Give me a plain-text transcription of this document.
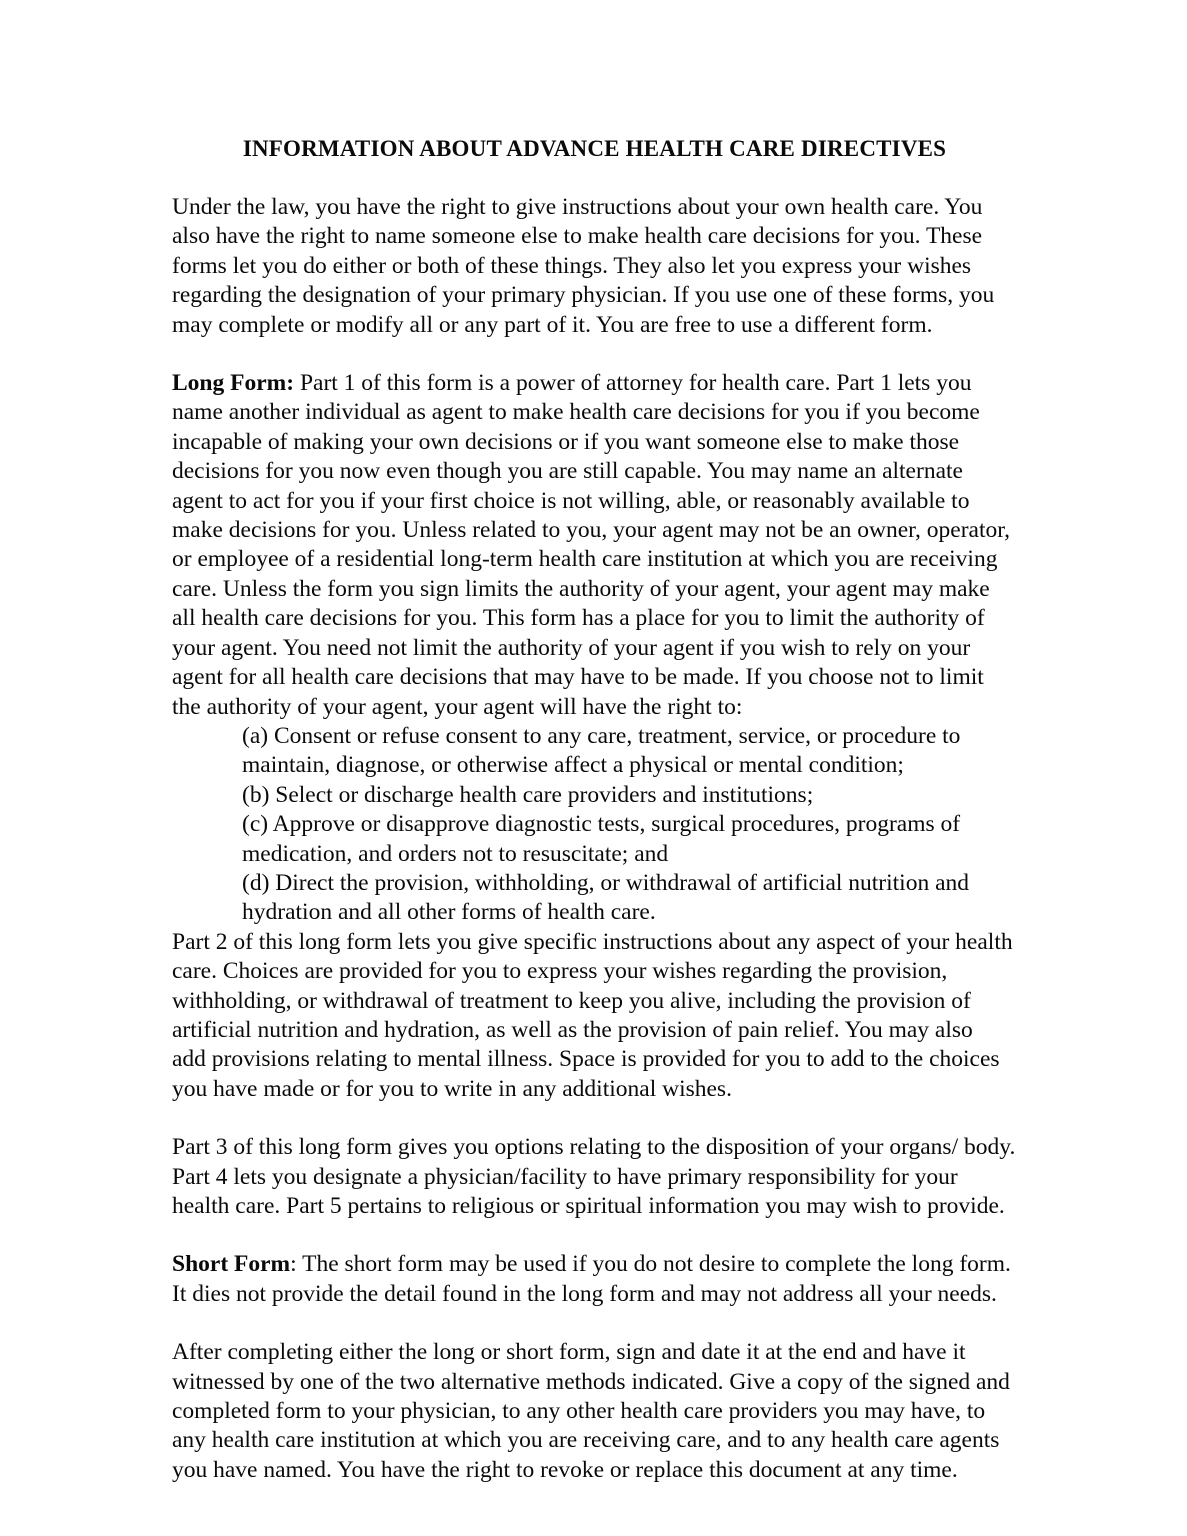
INFORMATION ABOUT ADVANCE HEALTH CARE DIRECTIVES

Under the law, you have the right to give instructions about your own health care. You
also have the right to name someone else to make health care decisions for you. These
forms let you do either or both of these things. They also let you express your wishes
regarding the designation of your primary physician. If you use one of these forms, you
may complete or modify all or any part of it. You are free to use a different form.

Long Form: Part 1 of this form is a power of attorney for health care. Part 1 lets you
name another individual as agent to make health care decisions for you if you become
incapable of making your own decisions or if you want someone else to make those
decisions for you now even though you are still capable. You may name an alternate
agent to act for you if your first choice is not willing, able, or reasonably available to
make decisions for you. Unless related to you, your agent may not be an owner, operator,
or employee of a residential long-term health care institution at which you are receiving
care. Unless the form you sign limits the authority of your agent, your agent may make
all health care decisions for you. This form has a place for you to limit the authority of
your agent. You need not limit the authority of your agent if you wish to rely on your
agent for all health care decisions that may have to be made. If you choose not to limit
the authority of your agent, your agent will have the right to:

(a) Consent or refuse consent to any care, treatment, service, or procedure to
maintain, diagnose, or otherwise affect a physical or mental condition;
(b) Select or discharge health care providers and institutions;
(c) Approve or disapprove diagnostic tests, surgical procedures, programs of
medication, and orders not to resuscitate; and
(d) Direct the provision, withholding, or withdrawal of artificial nutrition and
hydration and all other forms of health care.

Part 2 of this long form lets you give specific instructions about any aspect of your health
care. Choices are provided for you to express your wishes regarding the provision,
withholding, or withdrawal of treatment to keep you alive, including the provision of
artificial nutrition and hydration, as well as the provision of pain relief. You may also
add provisions relating to mental illness. Space is provided for you to add to the choices
you have made or for you to write in any additional wishes.

Part 3 of this long form gives you options relating to the disposition of your organs/ body.
Part 4 lets you designate a physician/facility to have primary responsibility for your
health care. Part 5 pertains to religious or spiritual information you may wish to provide.

Short Form: The short form may be used if you do not desire to complete the long form.
It dies not provide the detail found in the long form and may not address all your needs.

After completing either the long or short form, sign and date it at the end and have it
witnessed by one of the two alternative methods indicated. Give a copy of the signed and
completed form to your physician, to any other health care providers you may have, to
any health care institution at which you are receiving care, and to any health care agents
you have named. You have the right to revoke or replace this document at any time.
